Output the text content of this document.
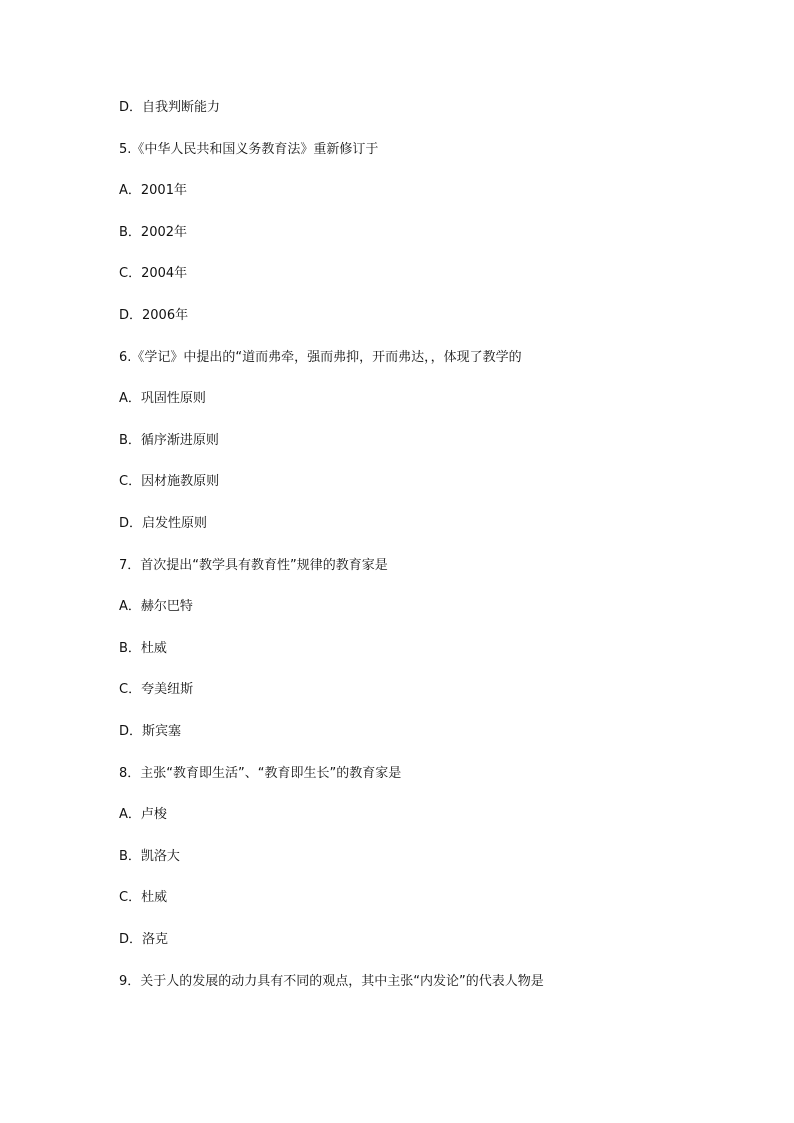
D．自我判断能力
5.《中华人民共和国义务教育法》重新修订于
A．2001年
B．2002年
C．2004年
D．2006年
6.《学记》中提出的“道而弗牵，强而弗抑，开而弗达，，体现了教学的
A．巩固性原则
B．循序渐进原则
C．因材施教原则
D．启发性原则
7．首次提出“教学具有教育性”规律的教育家是
A．赫尔巴特
B．杜威
C．夸美纽斯
D．斯宾塞
8．主张“教育即生活”、“教育即生长”的教育家是
A．卢梭
B．凯洛大
C．杜威
D．洛克
9．关于人的发展的动力具有不同的观点，其中主张“内发论”的代表人物是
